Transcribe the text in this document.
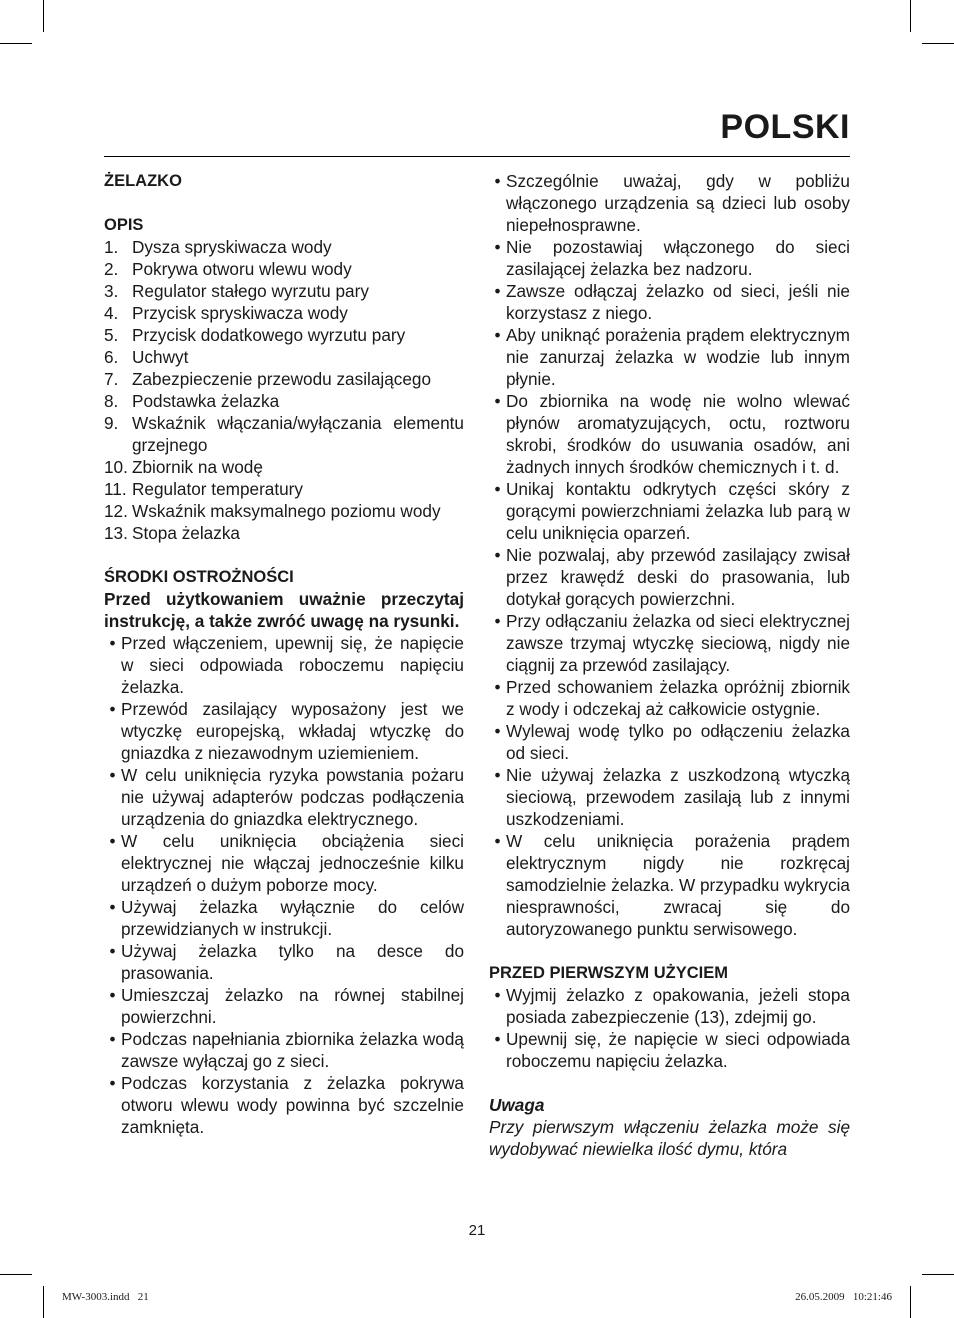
POLSKI
ŻELAZKO
OPIS
1. Dysza spryskiwacza wody
2. Pokrywa otworu wlewu wody
3. Regulator stałego wyrzutu pary
4. Przycisk spryskiwacza wody
5. Przycisk dodatkowego wyrzutu pary
6. Uchwyt
7. Zabezpieczenie przewodu zasilającego
8. Podstawka żelazka
9. Wskaźnik włączania/wyłączania elementu grzejnego
10. Zbiornik na wodę
11. Regulator temperatury
12. Wskaźnik maksymalnego poziomu wody
13. Stopa żelazka
ŚRODKI OSTROŻNOŚCI
Przed użytkowaniem uważnie przeczytaj instrukcję, a także zwróć uwagę na rysunki.
• Przed włączeniem, upewnij się, że napięcie w sieci odpowiada roboczemu napięciu żelazka.
• Przewód zasilający wyposażony jest we wtyczkę europejską, wkładaj wtyczkę do gniazdka z niezawodnym uziemieniem.
• W celu uniknięcia ryzyka powstania pożaru nie używaj adapterów podczas podłączenia urządzenia do gniazdka elektrycznego.
• W celu uniknięcia obciążenia sieci elektrycznej nie włączaj jednocześnie kilku urządzeń o dużym poborze mocy.
• Używaj żelazka wyłącznie do celów przewidzianych w instrukcji.
• Używaj żelazka tylko na desce do prasowania.
• Umieszczaj żelazko na równej stabilnej powierzchni.
• Podczas napełniania zbiornika żelazka wodą zawsze wyłączaj go z sieci.
• Podczas korzystania z żelazka pokrywa otworu wlewu wody powinna być szczelnie zamknięta.
• Szczególnie uważaj, gdy w pobliżu włączonego urządzenia są dzieci lub osoby niepełnosprawne.
• Nie pozostawiaj włączonego do sieci zasilającej żelazka bez nadzoru.
• Zawsze odłączaj żelazko od sieci, jeśli nie korzystasz z niego.
• Aby uniknąć porażenia prądem elektrycznym nie zanurzaj żelazka w wodzie lub innym płynie.
• Do zbiornika na wodę nie wolno wlewać płynów aromatyzujących, octu, roztworu skrobi, środków do usuwania osadów, ani żadnych innych środków chemicznych i t. d.
• Unikaj kontaktu odkrytych części skóry z gorącymi powierzchniami żelazka lub parą w celu uniknięcia oparzeń.
• Nie pozwalaj, aby przewód zasilający zwisał przez krawędź deski do prasowania, lub dotykał gorących powierzchni.
• Przy odłączaniu żelazka od sieci elektrycznej zawsze trzymaj wtyczkę sieciową, nigdy nie ciągnij za przewód zasilający.
• Przed schowaniem żelazka opróżnij zbiornik z wody i odczekaj aż całkowicie ostygnie.
• Wylewaj wodę tylko po odłączeniu żelazka od sieci.
• Nie używaj żelazka z uszkodzoną wtyczką sieciową, przewodem zasilają lub z innymi uszkodzeniami.
• W celu uniknięcia porażenia prądem elektrycznym nigdy nie rozkręcaj samodzielnie żelazka. W przypadku wykrycia niesprawności, zwracaj się do autoryzowanego punktu serwisowego.
PRZED PIERWSZYM UŻYCIEM
• Wyjmij żelazko z opakowania, jeżeli stopa posiada zabezpieczenie (13), zdejmij go.
• Upewnij się, że napięcie w sieci odpowiada roboczemu napięciu żelazka.
Uwaga
Przy pierwszym włączeniu żelazka może się wydobywać niewielka ilość dymu, która
21
MW-3003.indd   21	26.05.2009   10:21:46
